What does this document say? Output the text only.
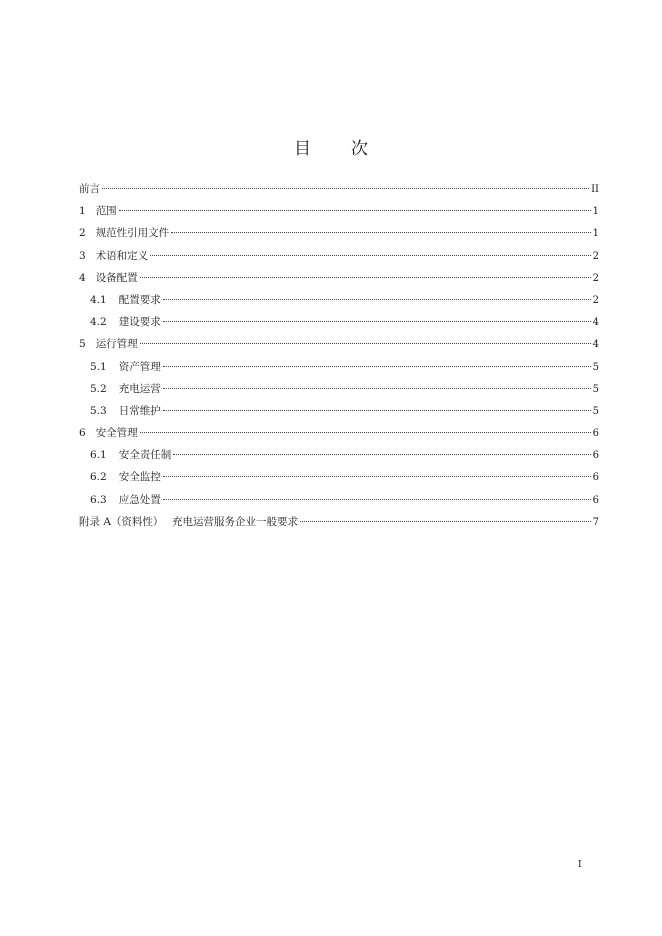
目 次
前言	II
1 范围	1
2 规范性引用文件	1
3 术语和定义	2
4 设备配置	2
4.1	配置要求	2
4.2	建设要求	4
5 运行管理	4
5.1	资产管理	5
5.2	充电运营	5
5.3	日常维护	5
6 安全管理	6
6.1	安全责任制	6
6.2	安全监控	6
6.3	应急处置	6
附录 A（资料性）　 充电运营服务企业一般要求	7
I
